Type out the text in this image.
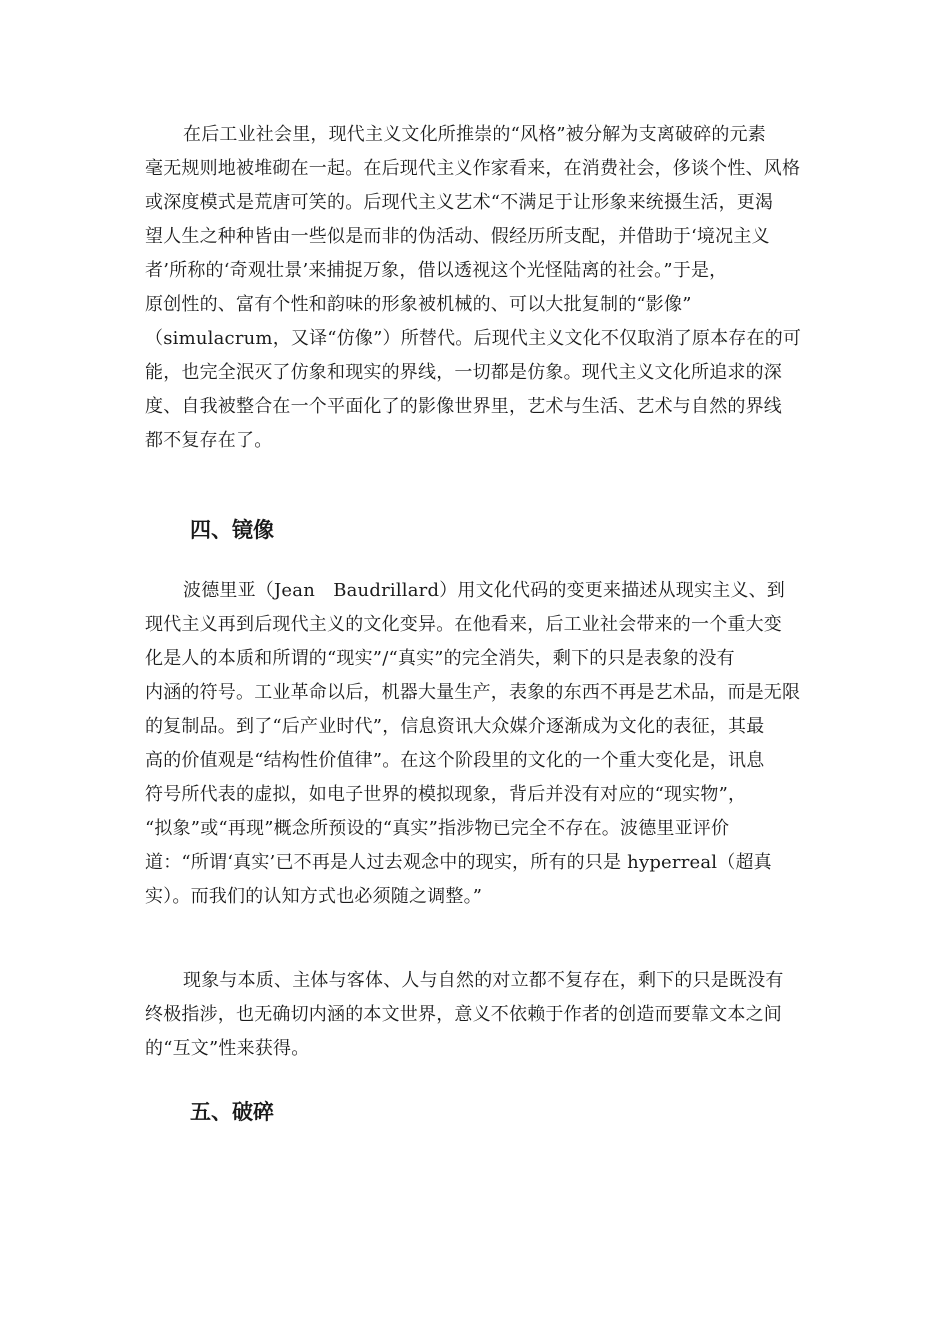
在后工业社会里，现代主义文化所推崇的“风格”被分解为支离破碎的元素
毫无规则地被堆砌在一起。在后现代主义作家看来，在消费社会，侈谈个性、风格
或深度模式是荒唐可笑的。后现代主义艺术“不满足于让形象来统摄生活，更渴
望人生之种种皆由一些似是而非的伪活动、假经历所支配，并借助于‘境况主义
者’所称的‘奇观壮景’来捕捉万象，借以透视这个光怪陆离的社会。”于是，
原创性的、富有个性和韵味的形象被机械的、可以大批复制的“影像”
（simulacrum，又译“仿像”）所替代。后现代主义文化不仅取消了原本存在的可
能，也完全泯灭了仿象和现实的界线，一切都是仿象。现代主义文化所追求的深
度、自我被整合在一个平面化了的影像世界里，艺术与生活、艺术与自然的界线
都不复存在了。
四、镜像
波德里亚（Jean　Baudrillard）用文化代码的变更来描述从现实主义、到
现代主义再到后现代主义的文化变异。在他看来，后工业社会带来的一个重大变
化是人的本质和所谓的“现实”/“真实”的完全消失，剩下的只是表象的没有
内涵的符号。工业革命以后，机器大量生产，表象的东西不再是艺术品，而是无限
的复制品。到了“后产业时代”，信息资讯大众媒介逐渐成为文化的表征，其最
高的价值观是“结构性价值律”。在这个阶段里的文化的一个重大变化是，讯息
符号所代表的虚拟，如电子世界的模拟现象，背后并没有对应的“现实物”，
“拟象”或“再现”概念所预设的“真实”指涉物已完全不存在。波德里亚评价
道：“所谓‘真实’已不再是人过去观念中的现实，所有的只是 hyperreal（超真
实）。而我们的认知方式也必须随之调整。”
现象与本质、主体与客体、人与自然的对立都不复存在，剩下的只是既没有
终极指涉，也无确切内涵的本文世界，意义不依赖于作者的创造而要靠文本之间
的“互文”性来获得。
五、破碎
